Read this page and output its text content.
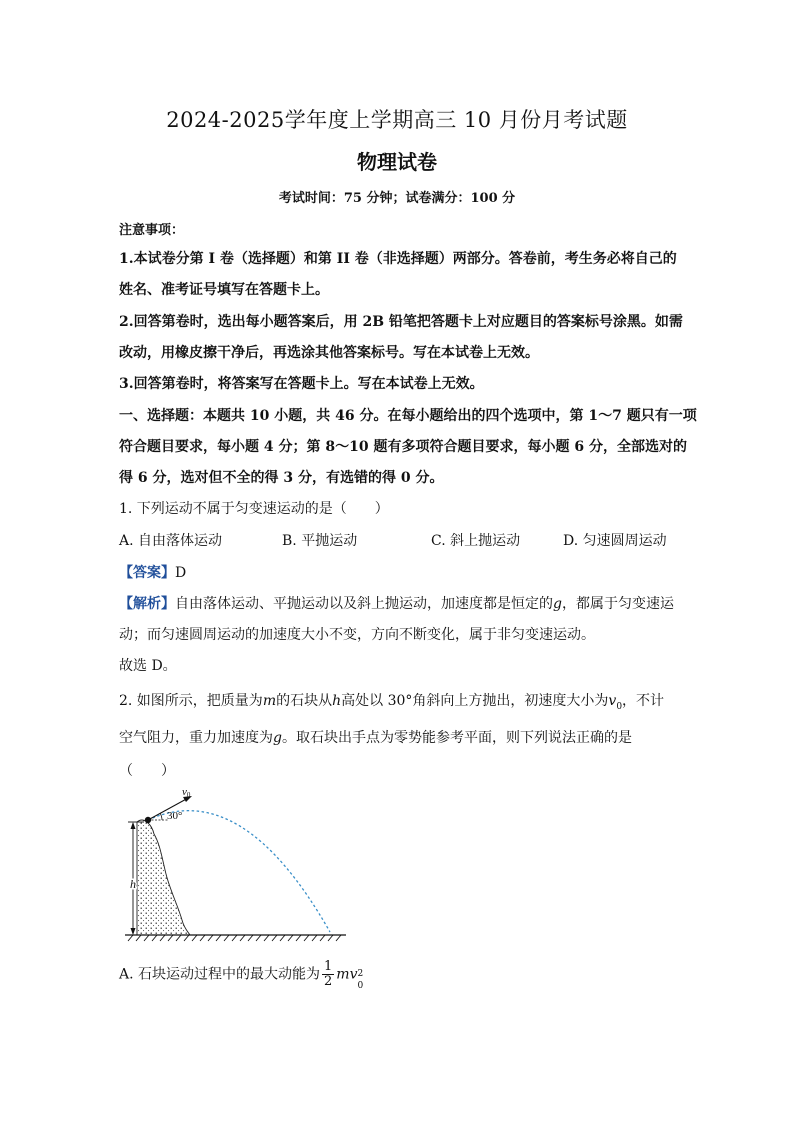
2024-2025学年度上学期高三 10 月份月考试题
物理试卷
考试时间：75 分钟；试卷满分：100 分
注意事项：
1.本试卷分第 I 卷（选择题）和第 II 卷（非选择题）两部分。答卷前，考生务必将自己的
姓名、准考证号填写在答题卡上。
2.回答第卷时，选出每小题答案后，用 2B 铅笔把答题卡上对应题目的答案标号涂黑。如需
改动，用橡皮擦干净后，再选涂其他答案标号。写在本试卷上无效。
3.回答第卷时，将答案写在答题卡上。写在本试卷上无效。
一、选择题：本题共 10 小题，共 46 分。在每小题给出的四个选项中，第 1～7 题只有一项
符合题目要求，每小题 4 分；第 8～10 题有多项符合题目要求，每小题 6 分，全部选对的
得 6 分，选对但不全的得 3 分，有选错的得 0 分。
1. 下列运动不属于匀变速运动的是（　　）
A. 自由落体运动	B. 平抛运动	C. 斜上抛运动	D. 匀速圆周运动
【答案】D
【解析】自由落体运动、平抛运动以及斜上抛运动，加速度都是恒定的g，都属于匀变速运
动；而匀速圆周运动的加速度大小不变，方向不断变化，属于非匀变速运动。
故选 D。
2. 如图所示，把质量为m的石块从h高处以 30°角斜向上方抛出，初速度大小为$v_0$，不计
空气阻力，重力加速度为g。取石块出手点为零势能参考平面，则下列说法正确的是
（　　）
h
v0
30°
A. 石块运动过程中的最大动能为 $\frac{1}{2}$ mv 2
0
